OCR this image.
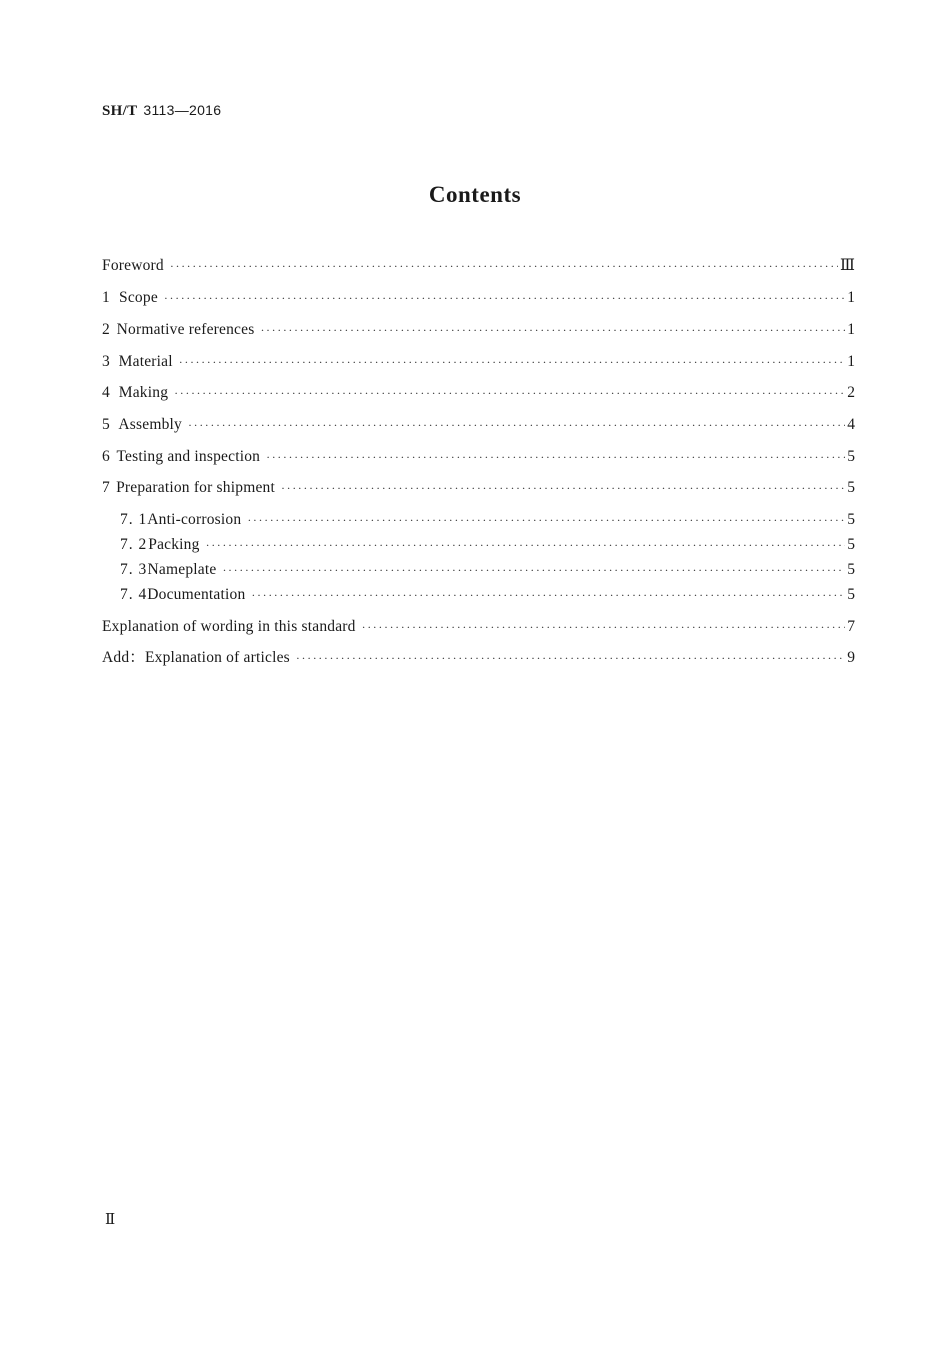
SH/T 3113—2016
Contents
Foreword ·····	Ⅲ
1 Scope ·····	1
2 Normative references ·····	1
3 Material ·····	1
4 Making ·····	2
5 Assembly ·····	4
6 Testing and inspection ·····	5
7 Preparation for shipment ·····	5
7. 1 Anti-corrosion ·····	5
7. 2 Packing ·····	5
7. 3 Nameplate ·····	5
7. 4 Documentation ·····	5
Explanation of wording in this standard ·····	7
Add：Explanation of articles ·····	9
Ⅱ
